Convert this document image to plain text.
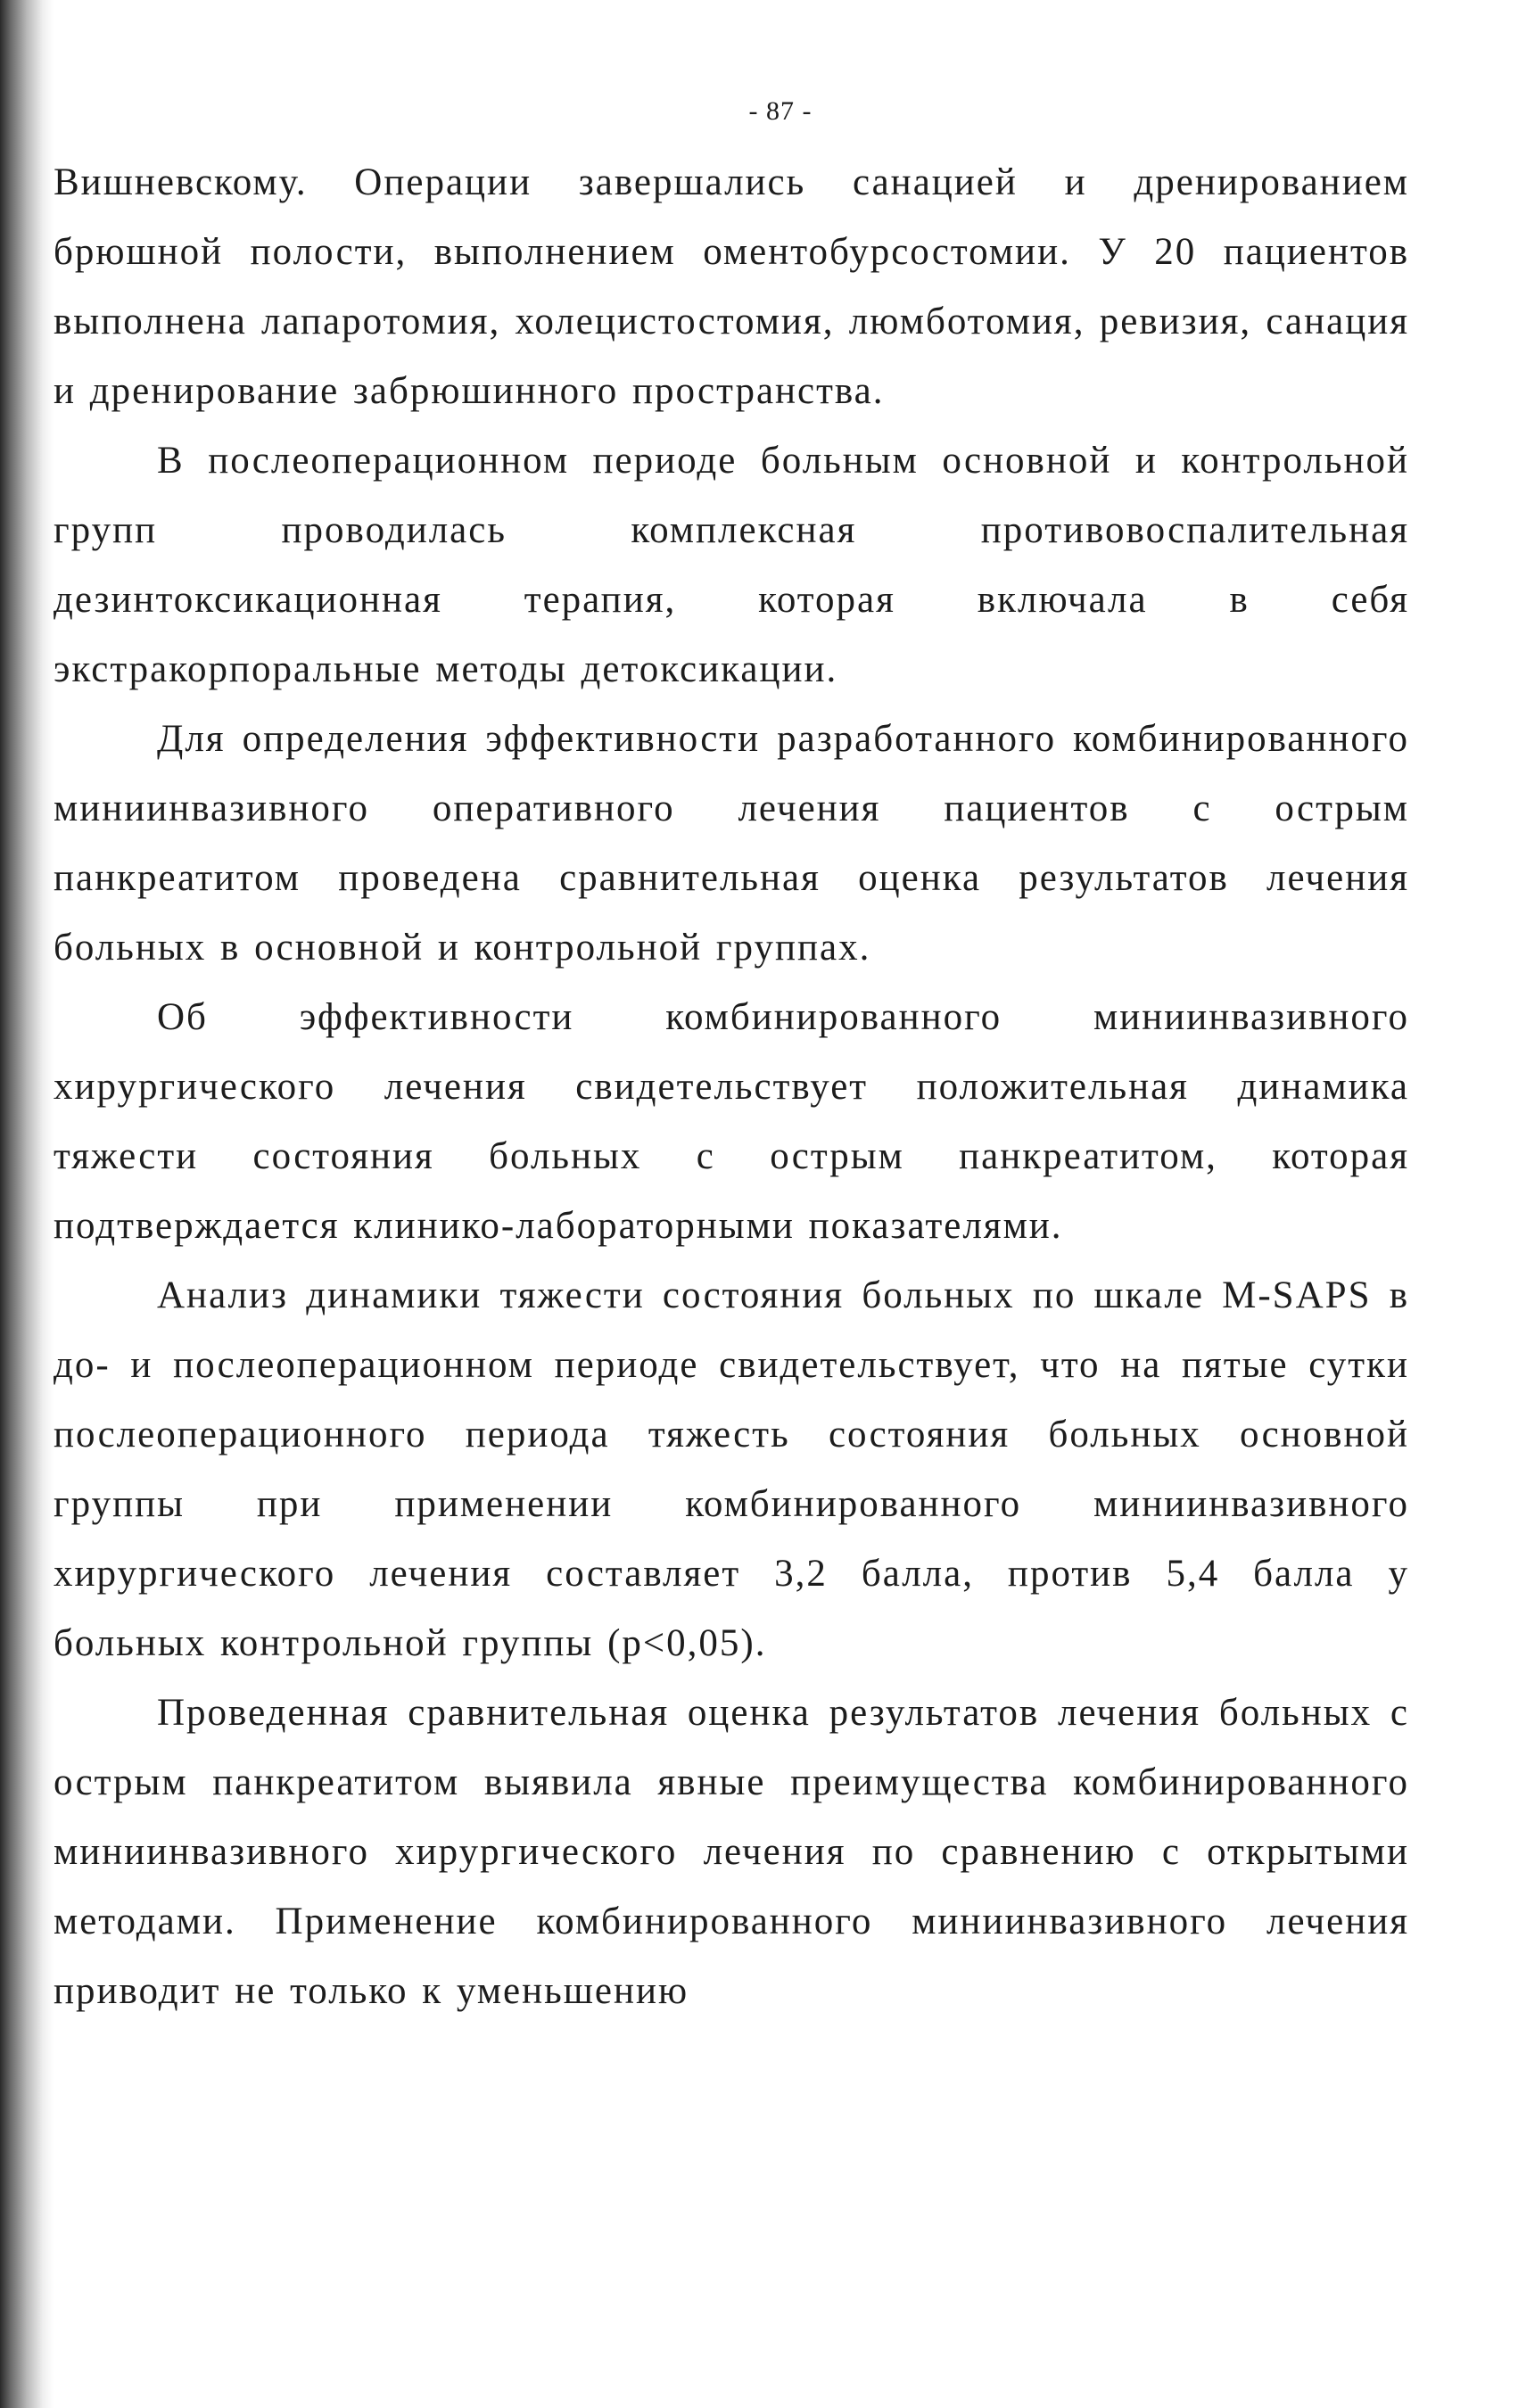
- 87 -

Вишневскому. Операции завершались санацией и дренированием брюшной полости, выполнением оментобурсостомии. У 20 пациентов выполнена лапаротомия, холецистостомия, люмботомия, ревизия, санация и дренирование забрюшинного пространства.

В послеоперационном периоде больным основной и контрольной групп проводилась комплексная противовоспалительная дезинтоксикационная терапия, которая включала в себя экстракорпоральные методы детоксикации.

Для определения эффективности разработанного комбинированного миниинвазивного оперативного лечения пациентов с острым панкреатитом проведена сравнительная оценка результатов лечения больных в основной и контрольной группах.

Об эффективности комбинированного миниинвазивного хирургического лечения свидетельствует положительная динамика тяжести состояния больных с острым панкреатитом, которая подтверждается клинико-лабораторными показателями.

Анализ динамики тяжести состояния больных по шкале M-SAPS в до- и послеоперационном периоде свидетельствует, что на пятые сутки послеоперационного периода тяжесть состояния больных основной группы при применении комбинированного миниинвазивного хирургического лечения составляет 3,2 балла, против 5,4 балла у больных контрольной группы (p<0,05).

Проведенная сравнительная оценка результатов лечения больных с острым панкреатитом выявила явные преимущества комбинированного миниинвазивного хирургического лечения по сравнению с открытыми методами. Применение комбинированного миниинвазивного лечения приводит не только к уменьшению
